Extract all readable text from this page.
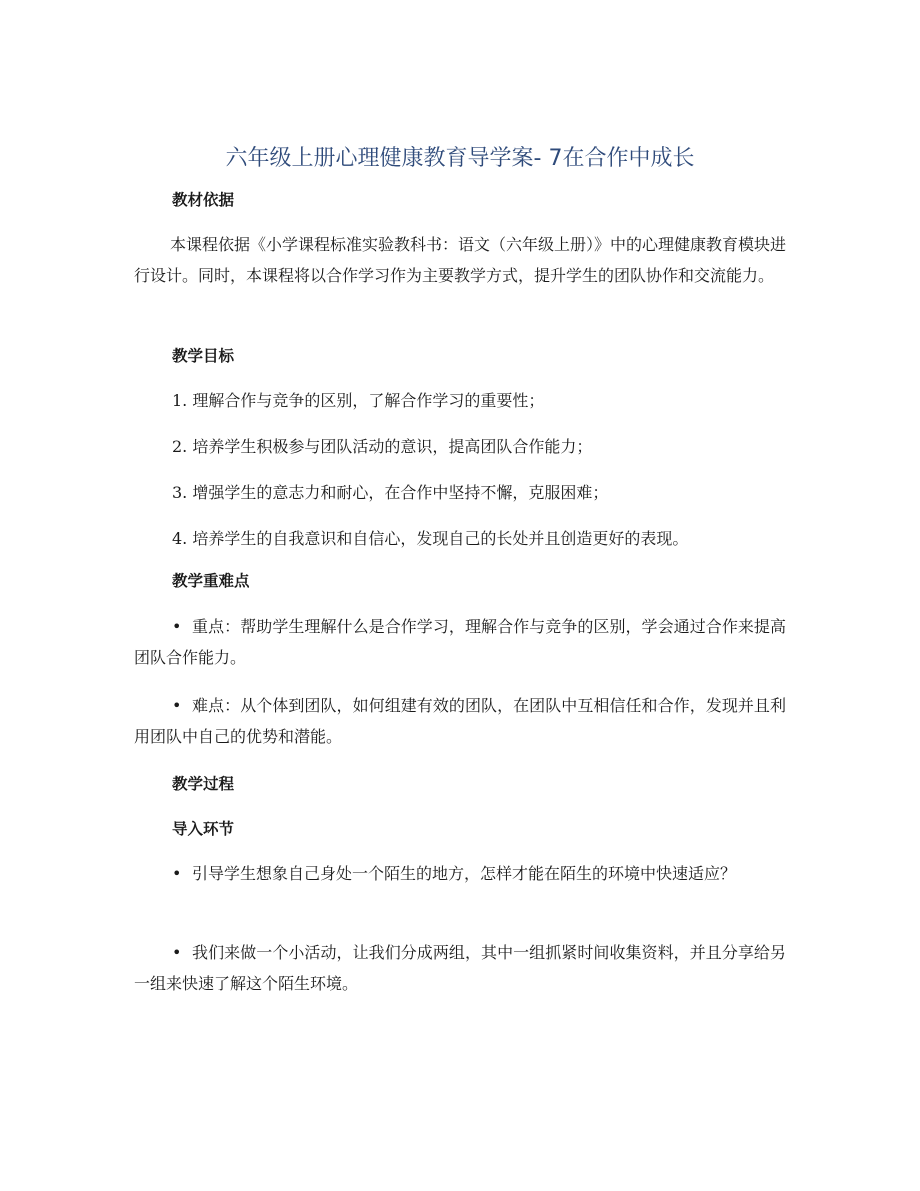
六年级上册心理健康教育导学案- 7在合作中成长
教材依据

本课程依据《小学课程标准实验教科书：语文（六年级上册）》中的心理健康教育模块进行设计。同时，本课程将以合作学习作为主要教学方式，提升学生的团队协作和交流能力。

教学目标

1. 理解合作与竞争的区别，了解合作学习的重要性；

2. 培养学生积极参与团队活动的意识，提高团队合作能力；

3. 增强学生的意志力和耐心，在合作中坚持不懈，克服困难；

4. 培养学生的自我意识和自信心，发现自己的长处并且创造更好的表现。

教学重难点

• 重点：帮助学生理解什么是合作学习，理解合作与竞争的区别，学会通过合作来提高团队合作能力。

• 难点：从个体到团队，如何组建有效的团队，在团队中互相信任和合作，发现并且利用团队中自己的优势和潜能。

教学过程
导入环节

• 引导学生想象自己身处一个陌生的地方，怎样才能在陌生的环境中快速适应？

• 我们来做一个小活动，让我们分成两组，其中一组抓紧时间收集资料，并且分享给另一组来快速了解这个陌生环境。
